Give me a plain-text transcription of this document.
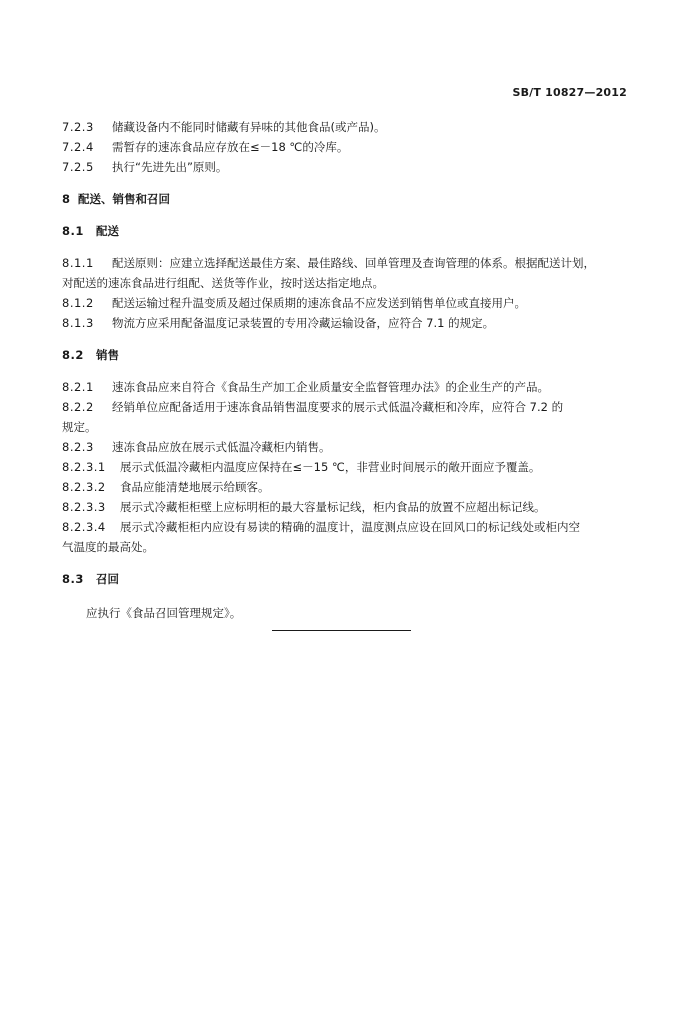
SB/T 10827—2012
7.2.3 储藏设备内不能同时储藏有异味的其他食品(或产品)。
7.2.4 需暂存的速冻食品应存放在≤－18 ℃的冷库。
7.2.5 执行“先进先出”原则。
8 配送、销售和召回
8.1 配送
8.1.1 配送原则：应建立选择配送最佳方案、最佳路线、回单管理及查询管理的体系。根据配送计划，
对配送的速冻食品进行组配、送货等作业，按时送达指定地点。
8.1.2 配送运输过程升温变质及超过保质期的速冻食品不应发送到销售单位或直接用户。
8.1.3 物流方应采用配备温度记录装置的专用冷藏运输设备，应符合 7.1 的规定。
8.2 销售
8.2.1 速冻食品应来自符合《食品生产加工企业质量安全监督管理办法》的企业生产的产品。
8.2.2 经销单位应配备适用于速冻食品销售温度要求的展示式低温冷藏柜和冷库，应符合 7.2 的
规定。
8.2.3 速冻食品应放在展示式低温冷藏柜内销售。
8.2.3.1 展示式低温冷藏柜内温度应保持在≤－15 ℃，非营业时间展示的敞开面应予覆盖。
8.2.3.2 食品应能清楚地展示给顾客。
8.2.3.3 展示式冷藏柜柜壁上应标明柜的最大容量标记线，柜内食品的放置不应超出标记线。
8.2.3.4 展示式冷藏柜柜内应设有易读的精确的温度计，温度测点应设在回风口的标记线处或柜内空
气温度的最高处。
8.3 召回
应执行《食品召回管理规定》。
